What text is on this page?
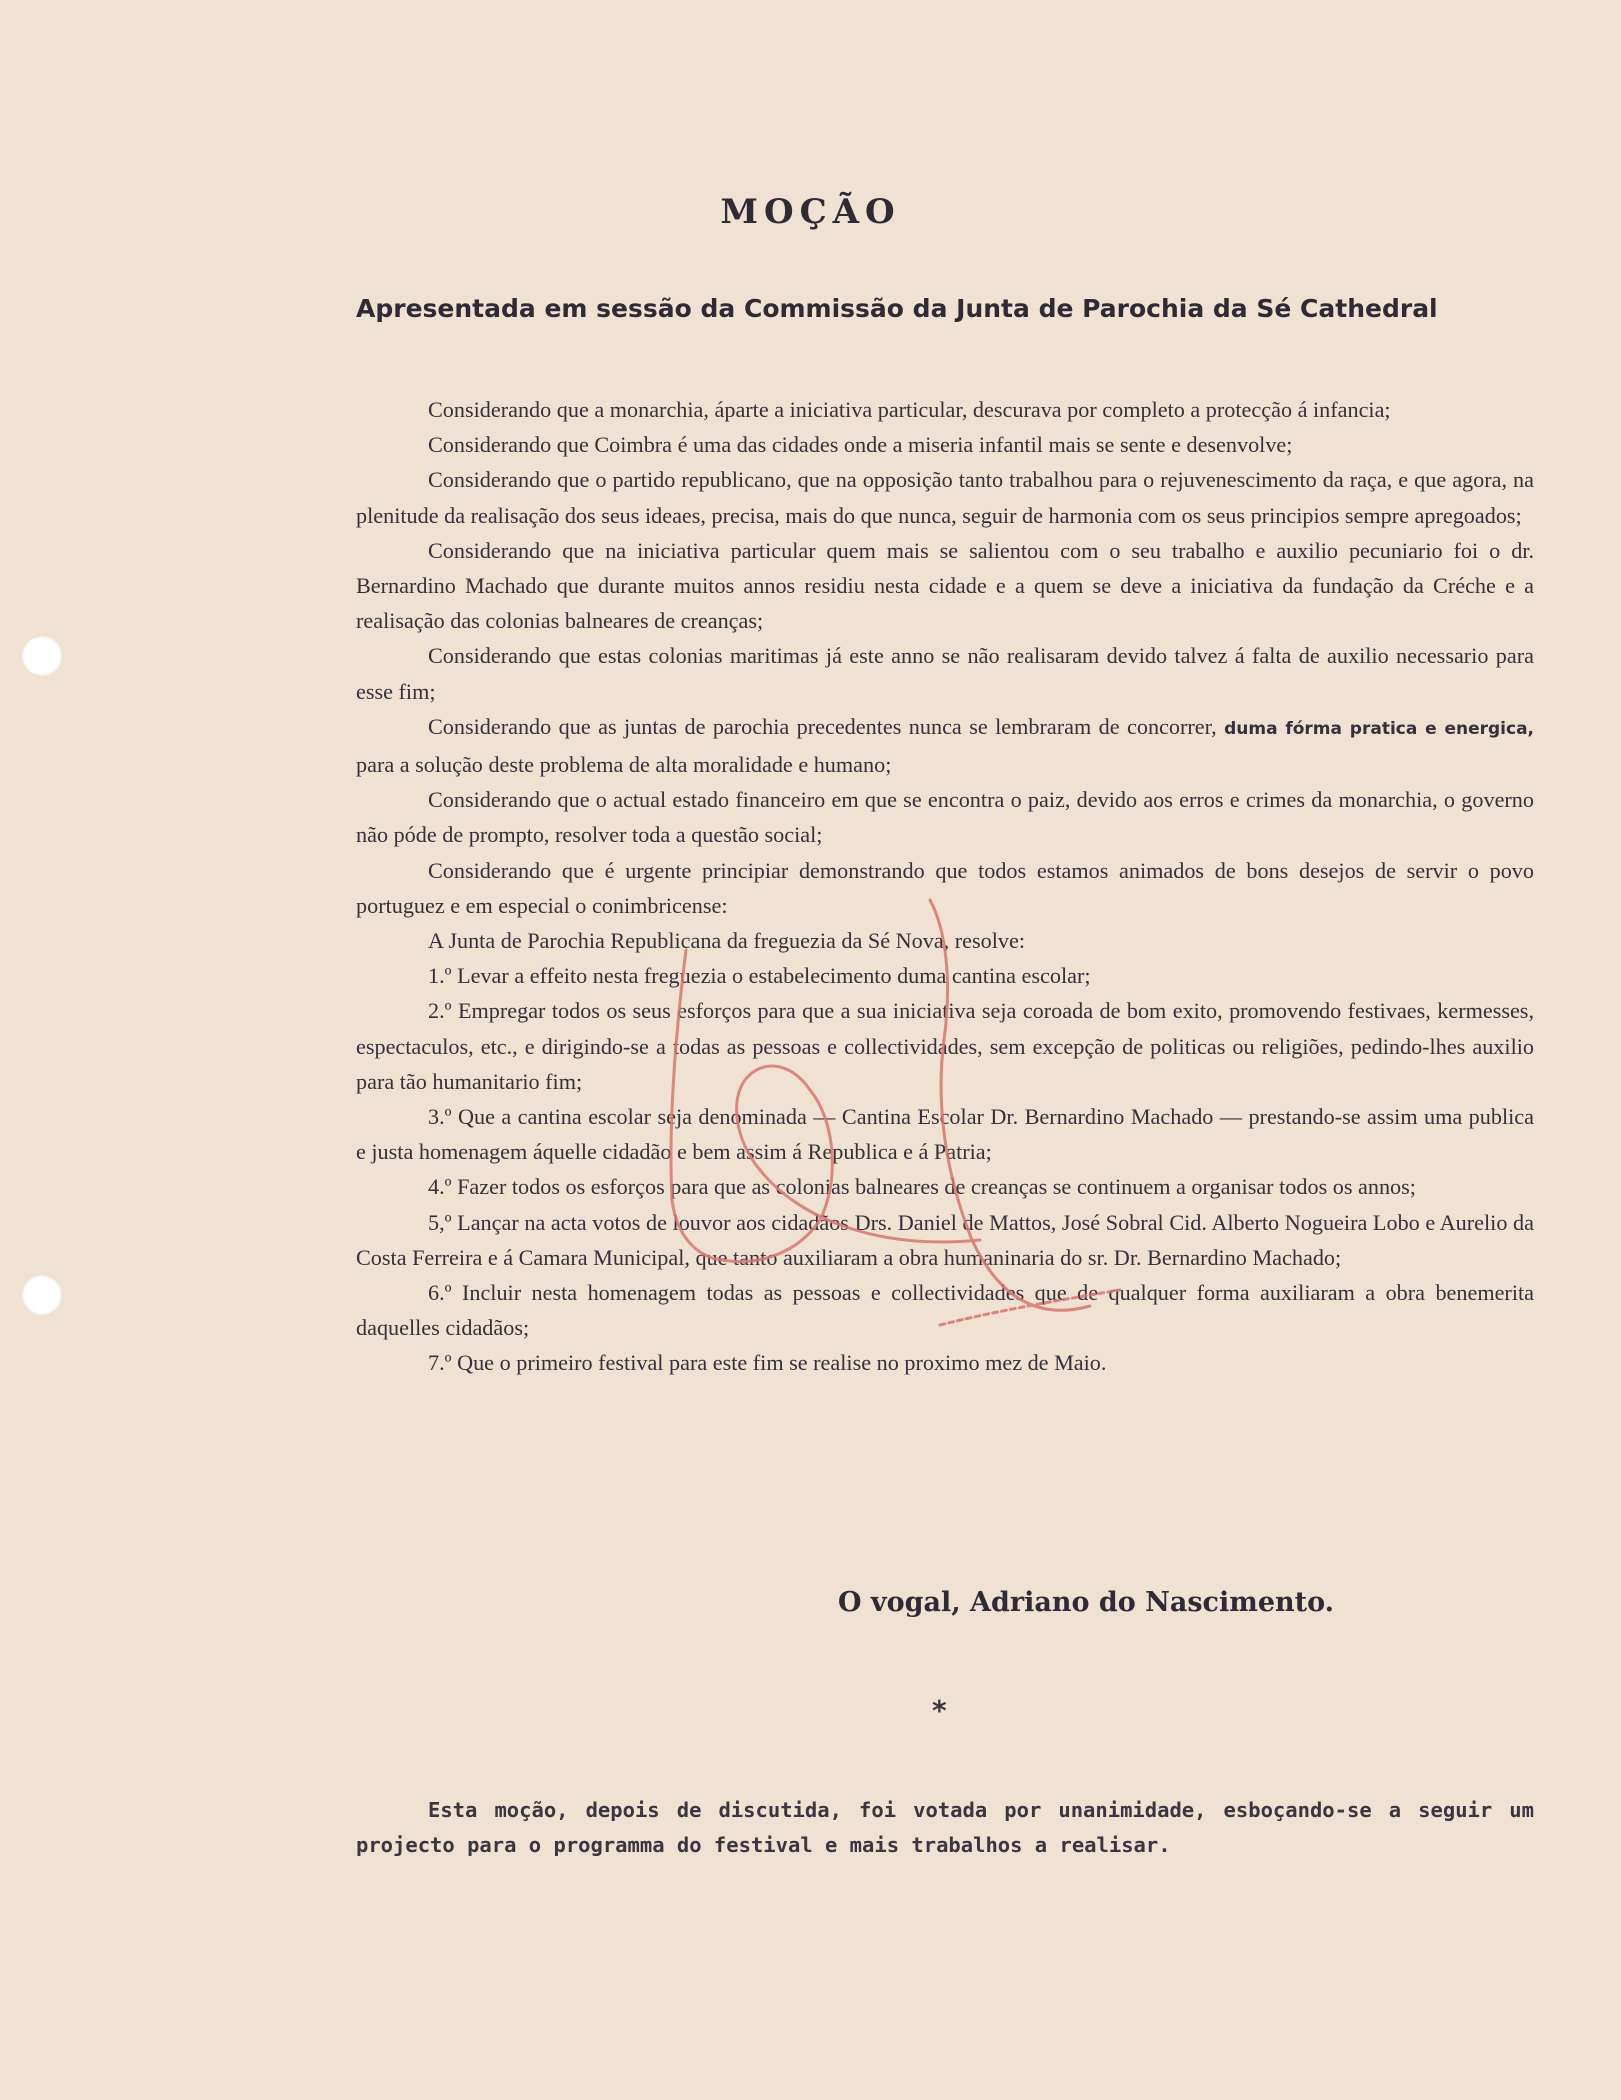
MOÇÃO
Apresentada em sessão da Commissão da Junta de Parochia da Sé Cathedral

Considerando que a monarchia, áparte a iniciativa particular, descurava por completo a protecção á infancia;

Considerando que Coimbra é uma das cidades onde a miseria infantil mais se sente e desenvolve;

Considerando que o partido republicano, que na opposição tanto trabalhou para o rejuvenescimento da raça, e que agora, na plenitude da realisação dos seus ideaes, precisa, mais do que nunca, seguir de harmonia com os seus principios sempre apregoados;

Considerando que na iniciativa particular quem mais se salientou com o seu trabalho e auxilio pecuniario foi o dr. Bernardino Machado que durante muitos annos residiu nesta cidade e a quem se deve a iniciativa da fundação da Créche e a realisação das colonias balneares de creanças;

Considerando que estas colonias maritimas já este anno se não realisaram devido talvez á falta de auxilio necessario para esse fim;

Considerando que as juntas de parochia precedentes nunca se lembraram de concorrer, duma fórma pratica e energica, para a solução deste problema de alta moralidade e humano;

Considerando que o actual estado financeiro em que se encontra o paiz, devido aos erros e crimes da monarchia, o governo não póde de prompto, resolver toda a questão social;

Considerando que é urgente principiar demonstrando que todos estamos animados de bons desejos de servir o povo portuguez e em especial o conimbricense:

A Junta de Parochia Republicana da freguezia da Sé Nova, resolve:

1.º Levar a effeito nesta freguezia o estabelecimento duma cantina escolar;

2.º Empregar todos os seus esforços para que a sua iniciativa seja coroada de bom exito, promovendo festivaes, kermesses, espectaculos, etc., e dirigindo-se a todas as pessoas e collectividades, sem excepção de politicas ou religiões, pedindo-lhes auxilio para tão humanitario fim;

3.º Que a cantina escolar seja denominada — Cantina Escolar Dr. Bernardino Machado — prestando-se assim uma publica e justa homenagem áquelle cidadão e bem assim á Republica e á Patria;

4.º Fazer todos os esforços para que as colonias balneares de creanças se continuem a organisar todos os annos;

5,º Lançar na acta votos de louvor aos cidadãos Drs. Daniel de Mattos, José Sobral Cid. Alberto Nogueira Lobo e Aurelio da Costa Ferreira e á Camara Municipal, que tanto auxiliaram a obra humaninaria do sr. Dr. Bernardino Machado;

6.º Incluir nesta homenagem todas as pessoas e collectividades que de qualquer forma auxiliaram a obra benemerita daquelles cidadãos;

7.º Que o primeiro festival para este fim se realise no proximo mez de Maio.

O vogal, Adriano do Nascimento.
*

Esta moção, depois de discutida, foi votada por unanimidade, esboçando-se a seguir um projecto para o programma do festival e mais trabalhos a realisar.
